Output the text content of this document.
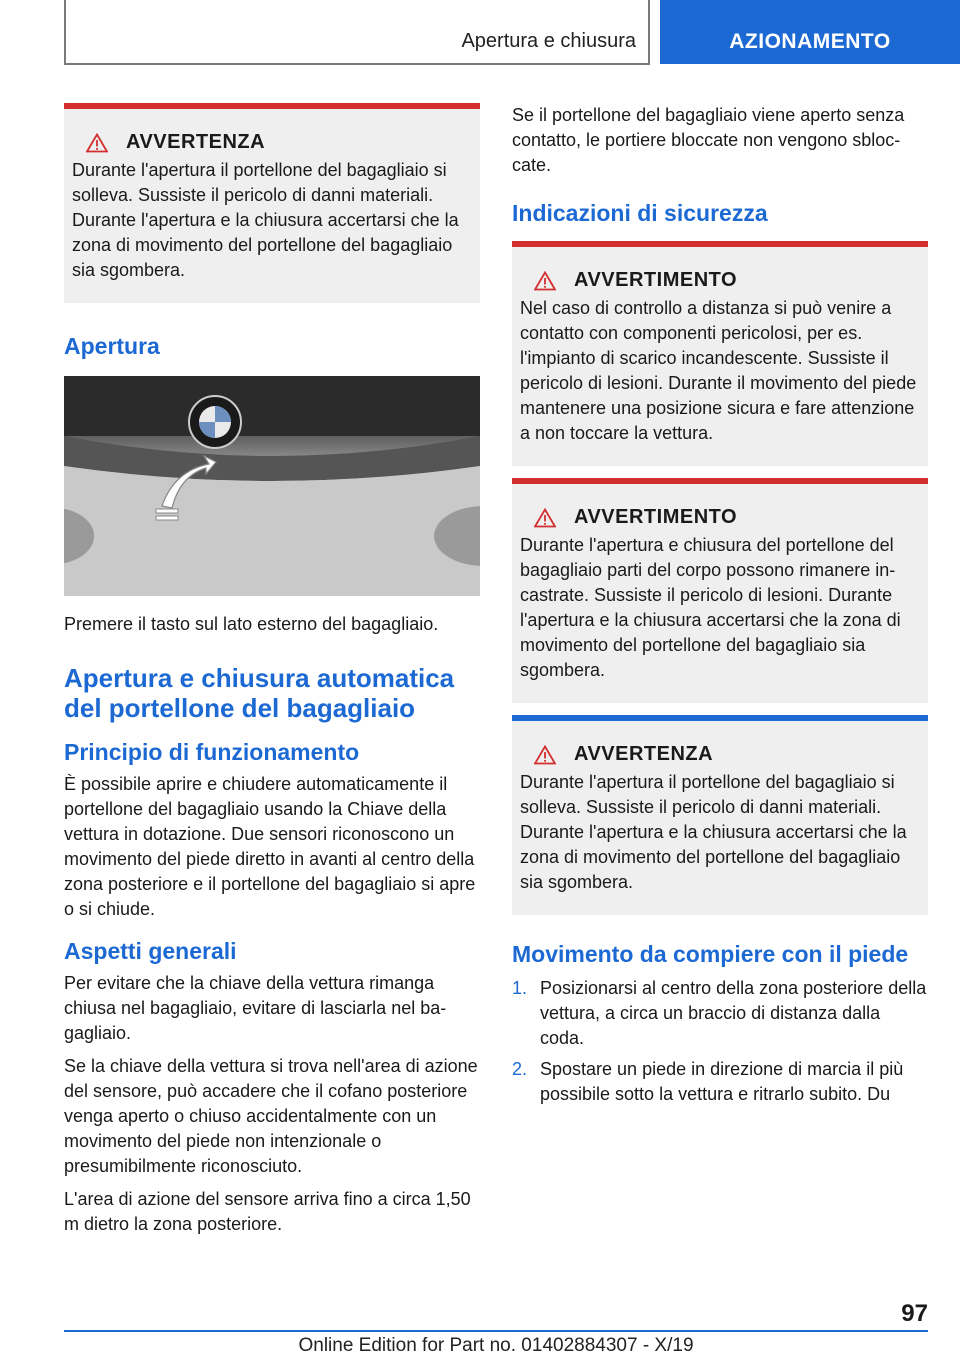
Apertura e chiusura	AZIONAMENTO
AVVERTENZA
Durante l'apertura il portellone del bagagliaio si solleva. Sussiste il pericolo di danni materiali. Durante l'apertura e la chiusura accertarsi che la zona di movimento del portellone del bagagliaio sia sgombera.
Apertura
Premere il tasto sul lato esterno del bagagliaio.
Apertura e chiusura automatica del portellone del bagagliaio
Principio di funzionamento
È possibile aprire e chiudere automaticamente il portellone del bagagliaio usando la Chiave della vettura in dotazione. Due sensori riconoscono un movimento del piede diretto in avanti al centro della zona posteriore e il portellone del bagagliaio si apre o si chiude.
Aspetti generali
Per evitare che la chiave della vettura rimanga chiusa nel bagagliaio, evitare di lasciarla nel bagagliaio.
Se la chiave della vettura si trova nell'area di azione del sensore, può accadere che il cofano posteriore venga aperto o chiuso accidentalmente con un movimento del piede non intenzionale o presumibilmente riconosciuto.
L'area di azione del sensore arriva fino a circa 1,50 m dietro la zona posteriore.
Se il portellone del bagagliaio viene aperto senza contatto, le portiere bloccate non vengono sbloccate.
Indicazioni di sicurezza
AVVERTIMENTO
Nel caso di controllo a distanza si può venire a contatto con componenti pericolosi, per es. l'impianto di scarico incandescente. Sussiste il pericolo di lesioni. Durante il movimento del piede mantenere una posizione sicura e fare attenzione a non toccare la vettura.
AVVERTIMENTO
Durante l'apertura e chiusura del portellone del bagagliaio parti del corpo possono rimanere incastrate. Sussiste il pericolo di lesioni. Durante l'apertura e la chiusura accertarsi che la zona di movimento del portellone del bagagliaio sia sgombera.
AVVERTENZA
Durante l'apertura il portellone del bagagliaio si solleva. Sussiste il pericolo di danni materiali. Durante l'apertura e la chiusura accertarsi che la zona di movimento del portellone del bagagliaio sia sgombera.
Movimento da compiere con il piede
1. Posizionarsi al centro della zona posteriore della vettura, a circa un braccio di distanza dalla coda.
2. Spostare un piede in direzione di marcia il più possibile sotto la vettura e ritrarlo subito. Du
97
Online Edition for Part no. 01402884307 - X/19
